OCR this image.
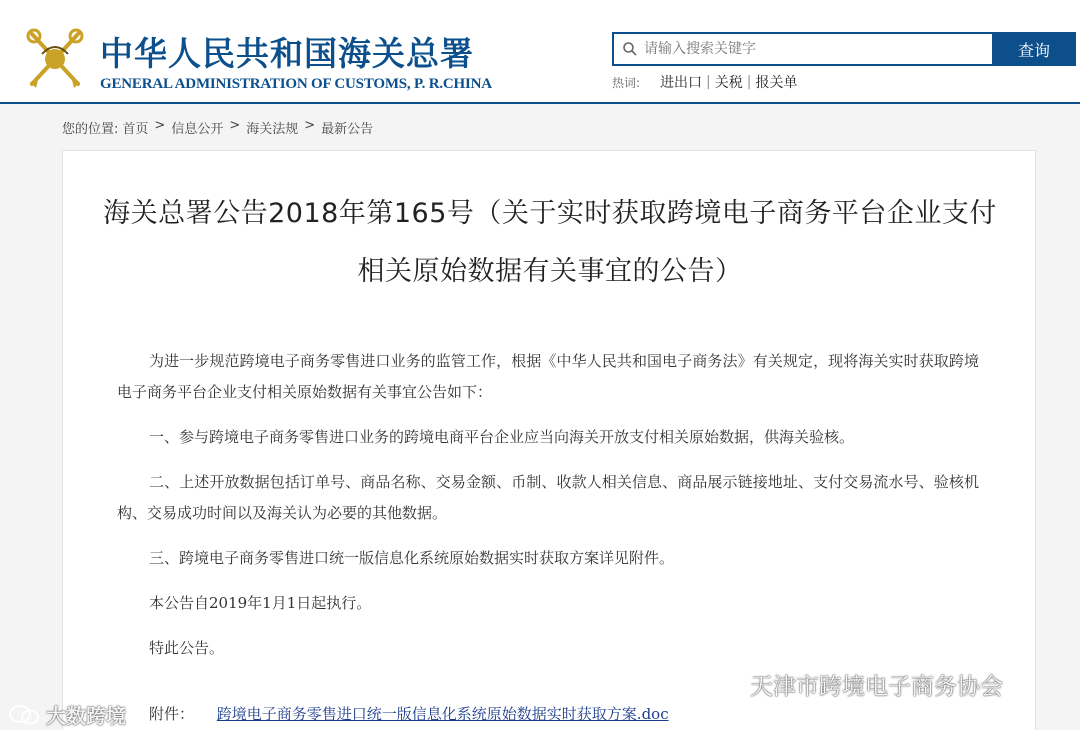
中华人民共和国海关总署
GENERAL ADMINISTRATION OF CUSTOMS, P. R.CHINA
请输入搜索关键字
查询
热词: 进出口 | 关税 | 报关单
您的位置: 首页 > 信息公开 > 海关法规 > 最新公告
海关总署公告2018年第165号（关于实时获取跨境电子商务平台企业支付相关原始数据有关事宜的公告）

为进一步规范跨境电子商务零售进口业务的监管工作，根据《中华人民共和国电子商务法》有关规定，现将海关实时获取跨境电子商务平台企业支付相关原始数据有关事宜公告如下：

一、参与跨境电子商务零售进口业务的跨境电商平台企业应当向海关开放支付相关原始数据，供海关验核。

二、上述开放数据包括订单号、商品名称、交易金额、币制、收款人相关信息、商品展示链接地址、支付交易流水号、验核机构、交易成功时间以及海关认为必要的其他数据。

三、跨境电子商务零售进口统一版信息化系统原始数据实时获取方案详见附件。

本公告自2019年1月1日起执行。

特此公告。

附件： 跨境电子商务零售进口统一版信息化系统原始数据实时获取方案.doc
大数跨境
天津市跨境电子商务协会
